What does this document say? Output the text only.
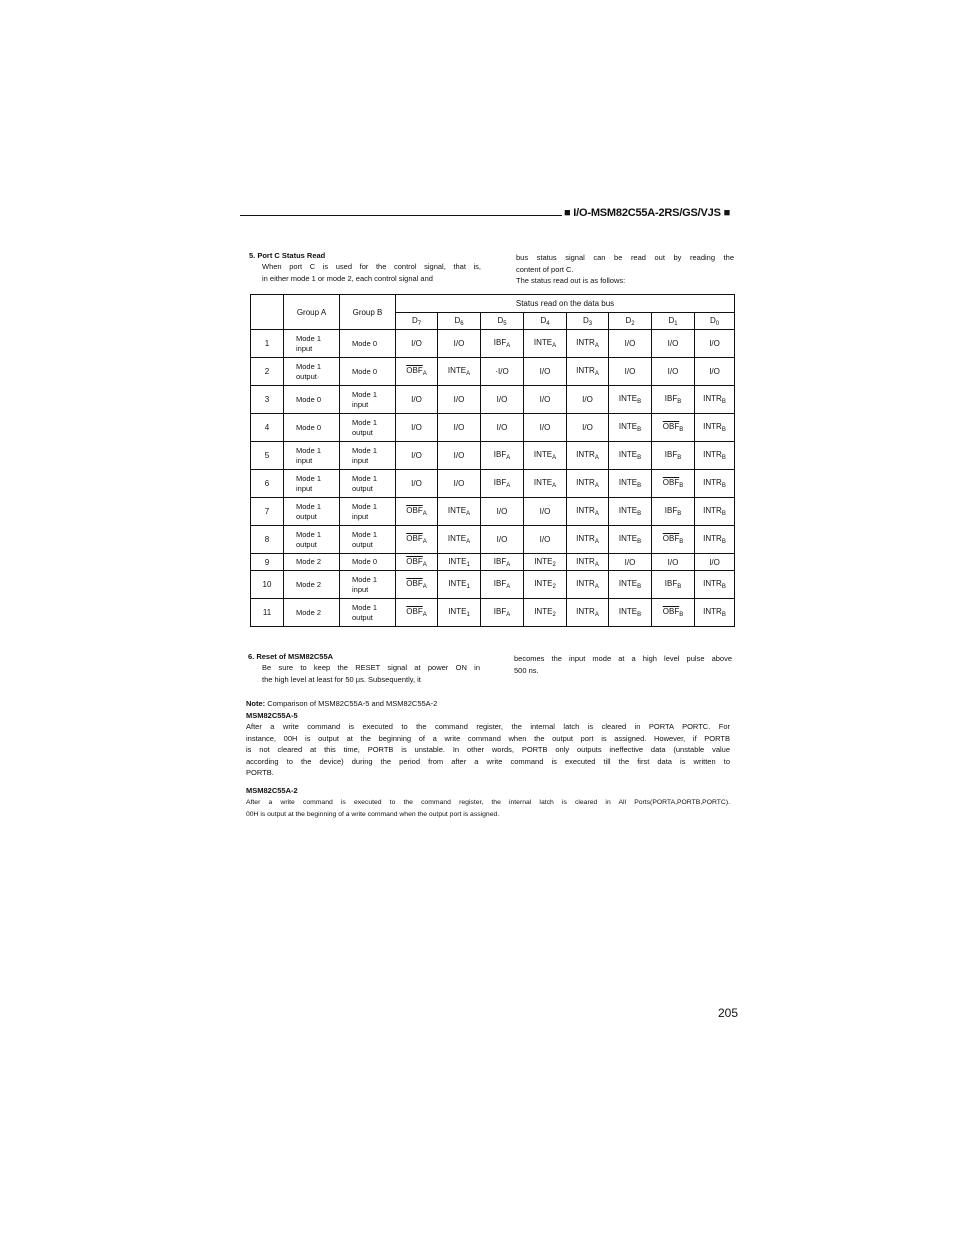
■ I/O-MSM82C55A-2RS/GS/VJS ■
5. Port C Status Read
When port C is used for the control signal, that is,
in either mode 1 or mode 2, each control signal and
bus status signal can be read out by reading the
content of port C.
The status read out is as follows:
	Group A	Group B	Status read on the data bus							
			$D_7$	$D_6$	$D_5$	$D_4$	$D_3$	$D_2$	$D_1$	$D_0$
1	Mode 1
input	Mode 0	I/O	I/O	$IBF_A$	$INTE_A$	$INTR_A$	I/O	I/O	I/O
2	Mode 1
output·	Mode 0	$\overline{OBF}_A$	$INTE_A$	·I/O	I/O	$INTR_A$	I/O	I/O	I/O
3	Mode 0	Mode 1
input	I/O	I/O	I/O	I/O	I/O	$INTE_B$	$IBF_B$	$INTR_B$
4	Mode 0	Mode 1
output	I/O	I/O	I/O	I/O	I/O	$INTE_B$	$\overline{OBF}_B$	$INTR_B$
5	Mode 1
input	Mode 1
input	I/O	I/O	$IBF_A$	$INTE_A$	$INTR_A$	$INTE_B$	$IBF_B$	$INTR_B$
6	Mode 1
input	Mode 1
output	I/O	I/O	$IBF_A$	$INTE_A$	$INTR_A$	$INTE_B$	$\overline{OBF}_B$	$INTR_B$
7	Mode 1
output	Mode 1
input	$\overline{OBF}_A$	$INTE_A$	I/O	I/O	$INTR_A$	$INTE_B$	$IBF_B$	$INTR_B$
8	Mode 1
output	Mode 1
output	$\overline{OBF}_A$	$INTE_A$	I/O	I/O	$INTR_A$	$INTE_B$	$\overline{OBF}_B$	$INTR_B$
9	Mode 2	Mode 0	$\overline{OBF}_A$	$INTE_1$	$IBF_A$	$INTE_2$	$INTR_A$	I/O	I/O	I/O
10	Mode 2	Mode 1
input	$\overline{OBF}_A$	$INTE_1$	$IBF_A$	$INTE_2$	$INTR_A$	$INTE_B$	$IBF_B$	$INTR_B$
11	Mode 2	Mode 1
output	$\overline{OBF}_A$	$INTE_1$	$IBF_A$	$INTE_2$	$INTR_A$	$INTE_B$	$\overline{OBF}_B$	$INTR_B$
6. Reset of MSM82C55A
Be sure to keep the RESET signal at power ON in
the high level at least for 50 µs. Subsequently, it
becomes the input mode at a high level pulse above
500 ns.
Note: Comparison of MSM82C55A-5 and MSM82C55A-2
MSM82C55A-5
After a write command is executed to the command register, the internal latch is cleared in PORTA PORTC. For
instance, 00H is output at the beginning of a write command when the output port is assigned. However, if PORTB
is not cleared at this time, PORTB is unstable. In other words, PORTB only outputs ineffective data (unstable value
according to the device) during the period from after a write command is executed till the first data is written to
PORTB.
MSM82C55A-2
After a write command is executed to the command register, the internal latch is cleared in All Ports(PORTA,PORTB,PORTC).
00H is output at the beginning of a write command when the output port is assigned.
205
